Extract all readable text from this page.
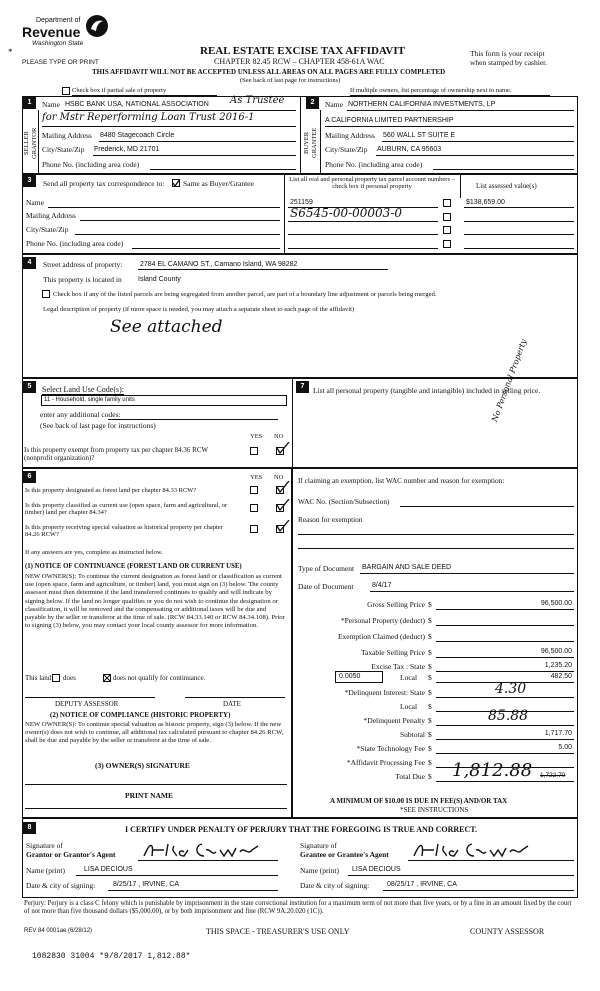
Department of
Revenue
Washington State
*
PLEASE TYPE OR PRINT
REAL ESTATE EXCISE TAX AFFIDAVIT
CHAPTER 82.45 RCW – CHAPTER 458-61A WAC
THIS AFFIDAVIT WILL NOT BE ACCEPTED UNLESS ALL AREAS ON ALL PAGES ARE FULLY COMPLETED
(See back of last page for instructions)
This form is your receipt
when stamped by cashier.
Check box if partial sale of property	If multiple owners, list percentage of ownership next to name.
1
SELLER GRANTOR
Name HSBC BANK USA, NATIONAL ASSOCIATION As Trustee
for Mstr Reperforming Loan Trust 2016-1
Mailing Address 8480 Stagecoach Circle
City/State/Zip Frederick, MD 21701
Phone No. (including area code)
2
BUYER GRANTEE
Name NORTHERN CALIFORNIA INVESTMENTS, LP
A CALIFORNIA LIMITED PARTNERSHIP
Mailing Address 560 WALL ST SUITE E
City/State/Zip AUBURN, CA 95603
Phone No. (including area code)
3	Send all property tax correspondence to: Same as Buyer/Grantee
Name
Mailing Address
City/State/Zip
Phone No. (including area code)
List all real and personal property tax parcel account numbers – check box if personal property	List assessed value(s)
251159	$138,659.00
S6545-00-00003-0
4	Street address of property:	2784 EL CAMANO ST., Camano Island, WA 98282
This property is located in Island County
Check box if any of the listed parcels are being segregated from another parcel, are part of a boundary line adjustment or parcels being merged.
Legal description of property (if more space is needed, you may attach a separate sheet to each page of the affidavit)
See attached
5	Select Land Use Code(s):
11 - Household, single family units
enter any additional codes:
(See back of last page for instructions)
YES NO
Is this property exempt from property tax per chapter 84.36 RCW (nonprofit organization)?
7	List all personal property (tangible and intangible) included in selling price.
No Personal Property
6	YES NO
Is this property designated as forest land per chapter 84.33 RCW?
Is this property classified as current use (open space, farm and agricultural, or timber) land per chapter 84.34?
Is this property receiving special valuation as historical property per chapter 84.26 RCW?
If any answers are yes, complete as instructed below.
(1) NOTICE OF CONTINUANCE (FOREST LAND OR CURRENT USE)
NEW OWNER(S): To continue the current designation as forest land or classification as current use (open space, farm and agriculture, or timber) land, you must sign on (3) below. The county assessor must then determine if the land transferred continues to qualify and will indicate by signing below. If the land no longer qualifies or you do not wish to continue the designation or classification, it will be removed and the compensating or additional taxes will be due and payable by the seller or transferor at the time of sale. (RCW 84.33.140 or RCW 84.34.108). Prior to signing (3) below, you may contact your local county assessor for more information.
This land does	does not qualify for continuance.
DEPUTY ASSESSOR	DATE
(2) NOTICE OF COMPLIANCE (HISTORIC PROPERTY)
NEW OWNER(S): To continue special valuation as historic property, sign (3) below. If the new owner(s) does not wish to continue, all additional tax calculated pursuant to chapter 84.26 RCW, shall be due and payable by the seller or transferor at the time of sale.
(3) OWNER(S) SIGNATURE
PRINT NAME
If claiming an exemption, list WAC number and reason for exemption:
WAC No. (Section/Subsection)
Reason for exemption
Type of Document BARGAIN AND SALE DEED
Date of Document	8/4/17
Gross Selling Price $	96,500.00
*Personal Property (deduct) $
Exemption Claimed (deduct) $
Taxable Selling Price $	96,500.00
Excise Tax : State $	1,235.20
0.0050	Local $	482.50
*Delinquent Interest: State $	4.30
Local $
*Delinquent Penalty $	85.88
Subtotal $	1,717.70
*State Technology Fee $	5.00
*Affidavit Processing Fee $
Total Due $ 1,812.88 1,722.70
A MINIMUM OF $10.00 IS DUE IN FEE(S) AND/OR TAX
*SEE INSTRUCTIONS
8	I CERTIFY UNDER PENALTY OF PERJURY THAT THE FOREGOING IS TRUE AND CORRECT.
Signature of
Grantor or Grantor's Agent
Signature of
Grantee or Grantee's Agent
Name (print)	LISA DECIOUS	Name (print) LISA DECIOUS
Date & city of signing:	8/25/17 , IRVINE, CA	Date & city of signing:	08/25/17 , IRVINE, CA
Perjury: Perjury is a class C felony which is punishable by imprisonment in the state correctional institution for a maximum term of not more than five years, or by a fine in an amount fixed by the court of not more than five thousand dollars ($5,000.00), or by both imprisonment and fine (RCW 9A.20.020 (1C)).
REV 84 0001ae (6/28/12)	THIS SPACE - TREASURER'S USE ONLY	COUNTY ASSESSOR
1082830 31004 *9/8/2017 1,812.88*
